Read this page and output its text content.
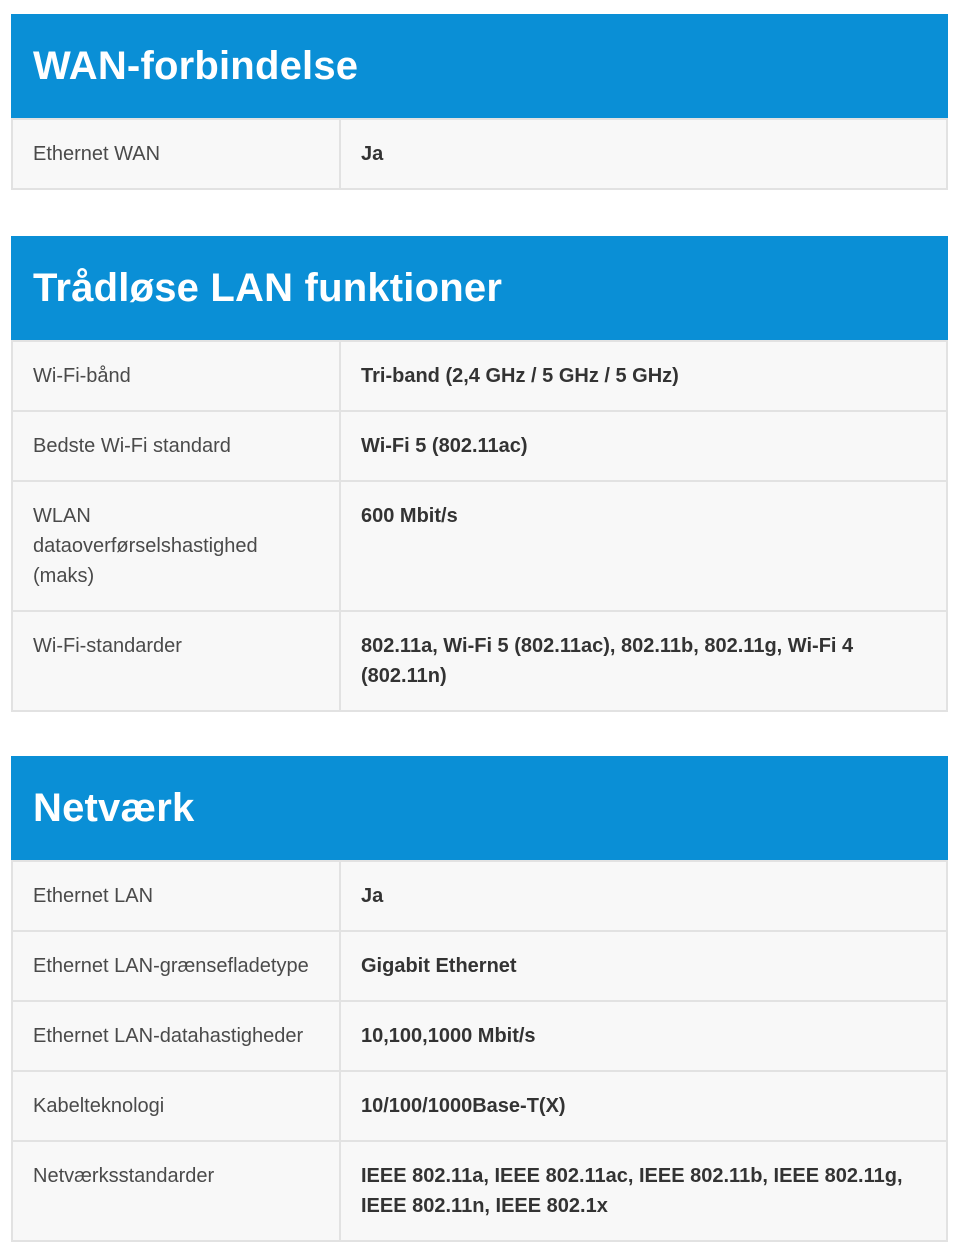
WAN-forbindelse
Ethernet WAN	Ja
Trådløse LAN funktioner
Wi-Fi-bånd	Tri-band (2,4 GHz / 5 GHz / 5 GHz)
Bedste Wi-Fi standard	Wi-Fi 5 (802.11ac)
WLAN dataoverførselshastighed (maks)	600 Mbit/s
Wi-Fi-standarder	802.11a, Wi-Fi 5 (802.11ac), 802.11b, 802.11g, Wi-Fi 4 (802.11n)
Netværk
Ethernet LAN	Ja
Ethernet LAN-grænsefladetype	Gigabit Ethernet
Ethernet LAN-datahastigheder	10,100,1000 Mbit/s
Kabelteknologi	10/100/1000Base-T(X)
Netværksstandarder	IEEE 802.11a, IEEE 802.11ac, IEEE 802.11b, IEEE 802.11g, IEEE 802.11n, IEEE 802.1x
